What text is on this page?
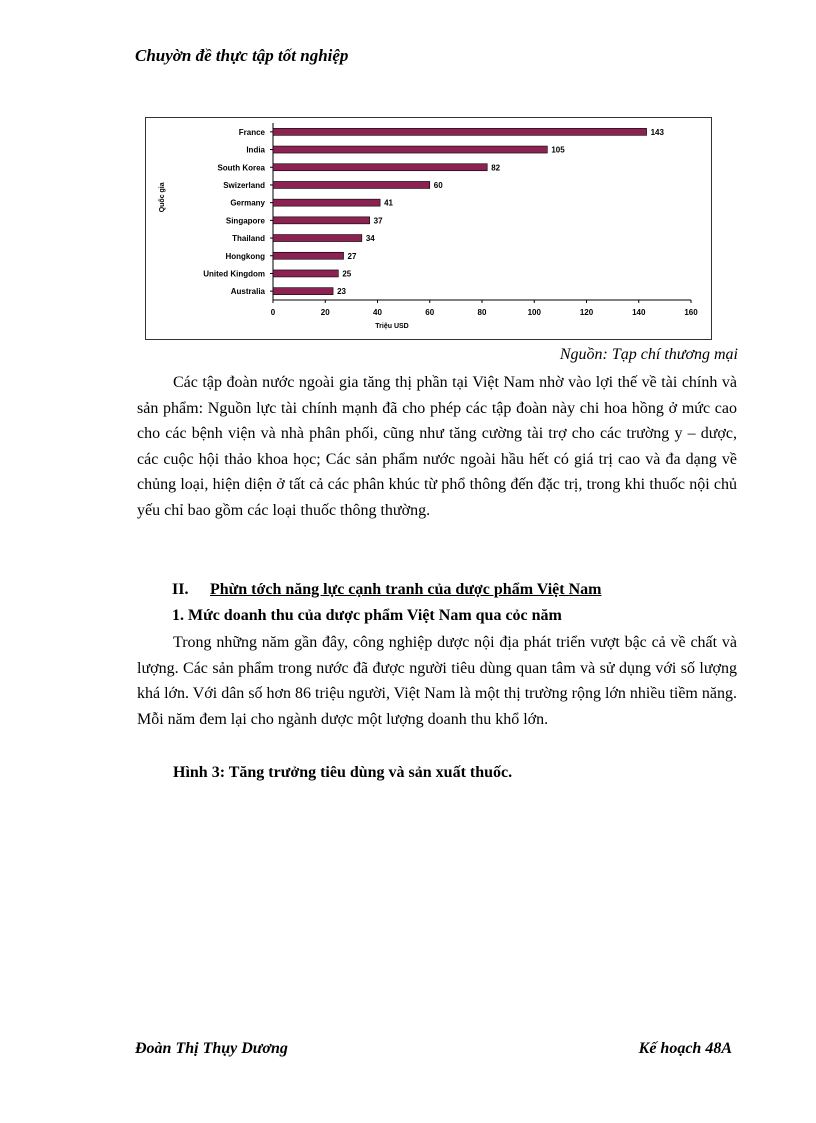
Chuyờn đề thực tập tốt nghiệp
France	143
India	105
South Korea	82
Swizerland	60
Germany	41
Singapore	37
Thailand	34
Hongkong	27
United Kingdom	25
Australia	23
0	20	40	60	80	100	120	140	160
Triệu USD
Quốc gia
Nguồn: Tạp chí thương mại

Các tập đoàn nước ngoài gia tăng thị phần tại Việt Nam nhờ vào lợi thế về tài chính và sản phẩm: Nguồn lực tài chính mạnh đã cho phép các tập đoàn này chi hoa hồng ở mức cao cho các bệnh viện và nhà phân phối, cũng như tăng cường tài trợ cho các trường y – dược, các cuộc hội thảo khoa học; Các sản phẩm nước ngoài hầu hết có giá trị cao và đa dạng về chủng loại, hiện diện ở tất cả các phân khúc từ phổ thông đến đặc trị, trong khi thuốc nội chủ yếu chỉ bao gồm các loại thuốc thông thường.

II. Phừn tớch năng lực cạnh tranh của dược phẩm Việt Nam
1. Mức doanh thu của dược phẩm Việt Nam qua cỏc năm

Trong những năm gần đây, công nghiệp dược nội địa phát triển vượt bậc cả về chất và lượng. Các sản phẩm trong nước đã được người tiêu dùng quan tâm và sử dụng với số lượng khá lớn. Với dân số hơn 86 triệu người, Việt Nam là một thị trường rộng lớn nhiều tiềm năng. Mỗi năm đem lại cho ngành dược một lượng doanh thu khổ lớn.

Hình 3: Tăng trưởng tiêu dùng và sản xuất thuốc.
Đoàn Thị Thụy Dương	Kế hoạch 48A
